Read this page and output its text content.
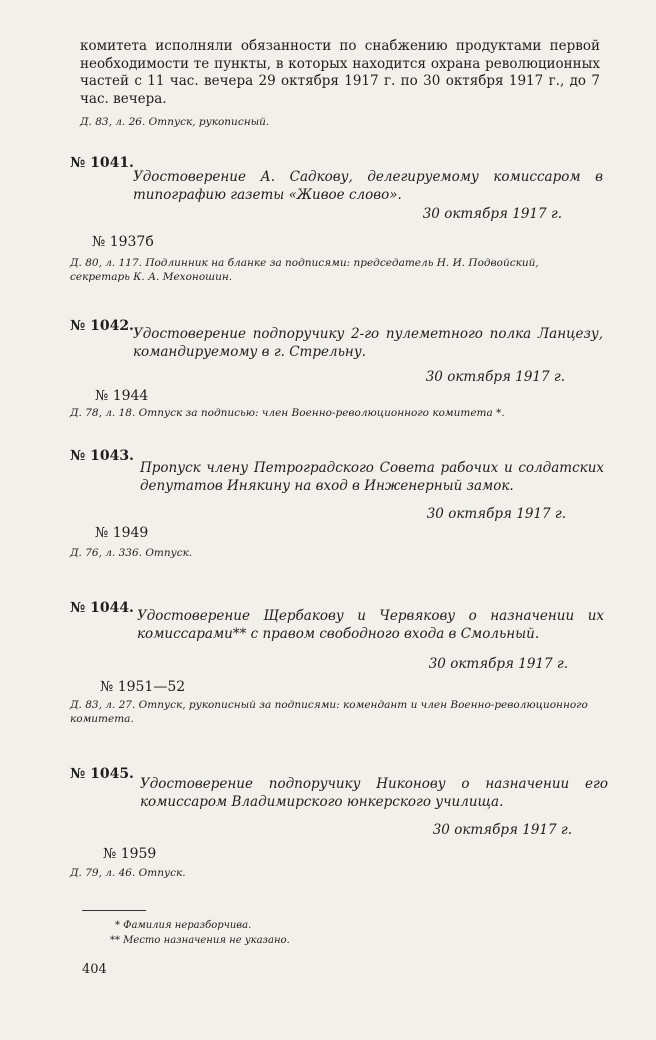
комитета исполняли обязанности по снабжению продуктами первой необходимости те пункты, в которых находится охрана революционных частей с 11 час. вечера 29 октября 1917 г. по 30 октября 1917 г., до 7 час. вечера.
Д. 83, л. 26. Отпуск, рукописный.
№ 1041.
Удостоверение А. Садкову, делегируемому комиссаром в типографию газеты «Живое слово».
30 октября 1917 г.
№ 1937б
Д. 80, л. 117. Подлинник на бланке за подписями: председатель Н. И. Подвойский, секретарь К. А. Мехоношин.
№ 1042. Удостоверение подпоручику 2-го пулеметного полка Ланцезу, командируемому в г. Стрельну.
30 октября 1917 г.
№ 1944
Д. 78, л. 18. Отпуск за подписью: член Военно-революционного комитета *.
№ 1043.
Пропуск члену Петроградского Совета рабочих и солдатских депутатов Инякину на вход в Инженерный замок.
30 октября 1917 г.
№ 1949
Д. 76, л. 336. Отпуск.
№ 1044. Удостоверение Щербакову и Червякову о назначении их комиссарами** с правом свободного входа в Смольный.
30 октября 1917 г.
№ 1951—52
Д. 83, л. 27. Отпуск, рукописный за подписями: комендант и член Военно-революционного комитета.
№ 1045.
Удостоверение подпоручику Никонову о назначении его комиссаром Владимирского юнкерского училища.
30 октября 1917 г.
№ 1959
Д. 79, л. 46. Отпуск.
* Фамилия неразборчива.
** Место назначения не указано.
404
